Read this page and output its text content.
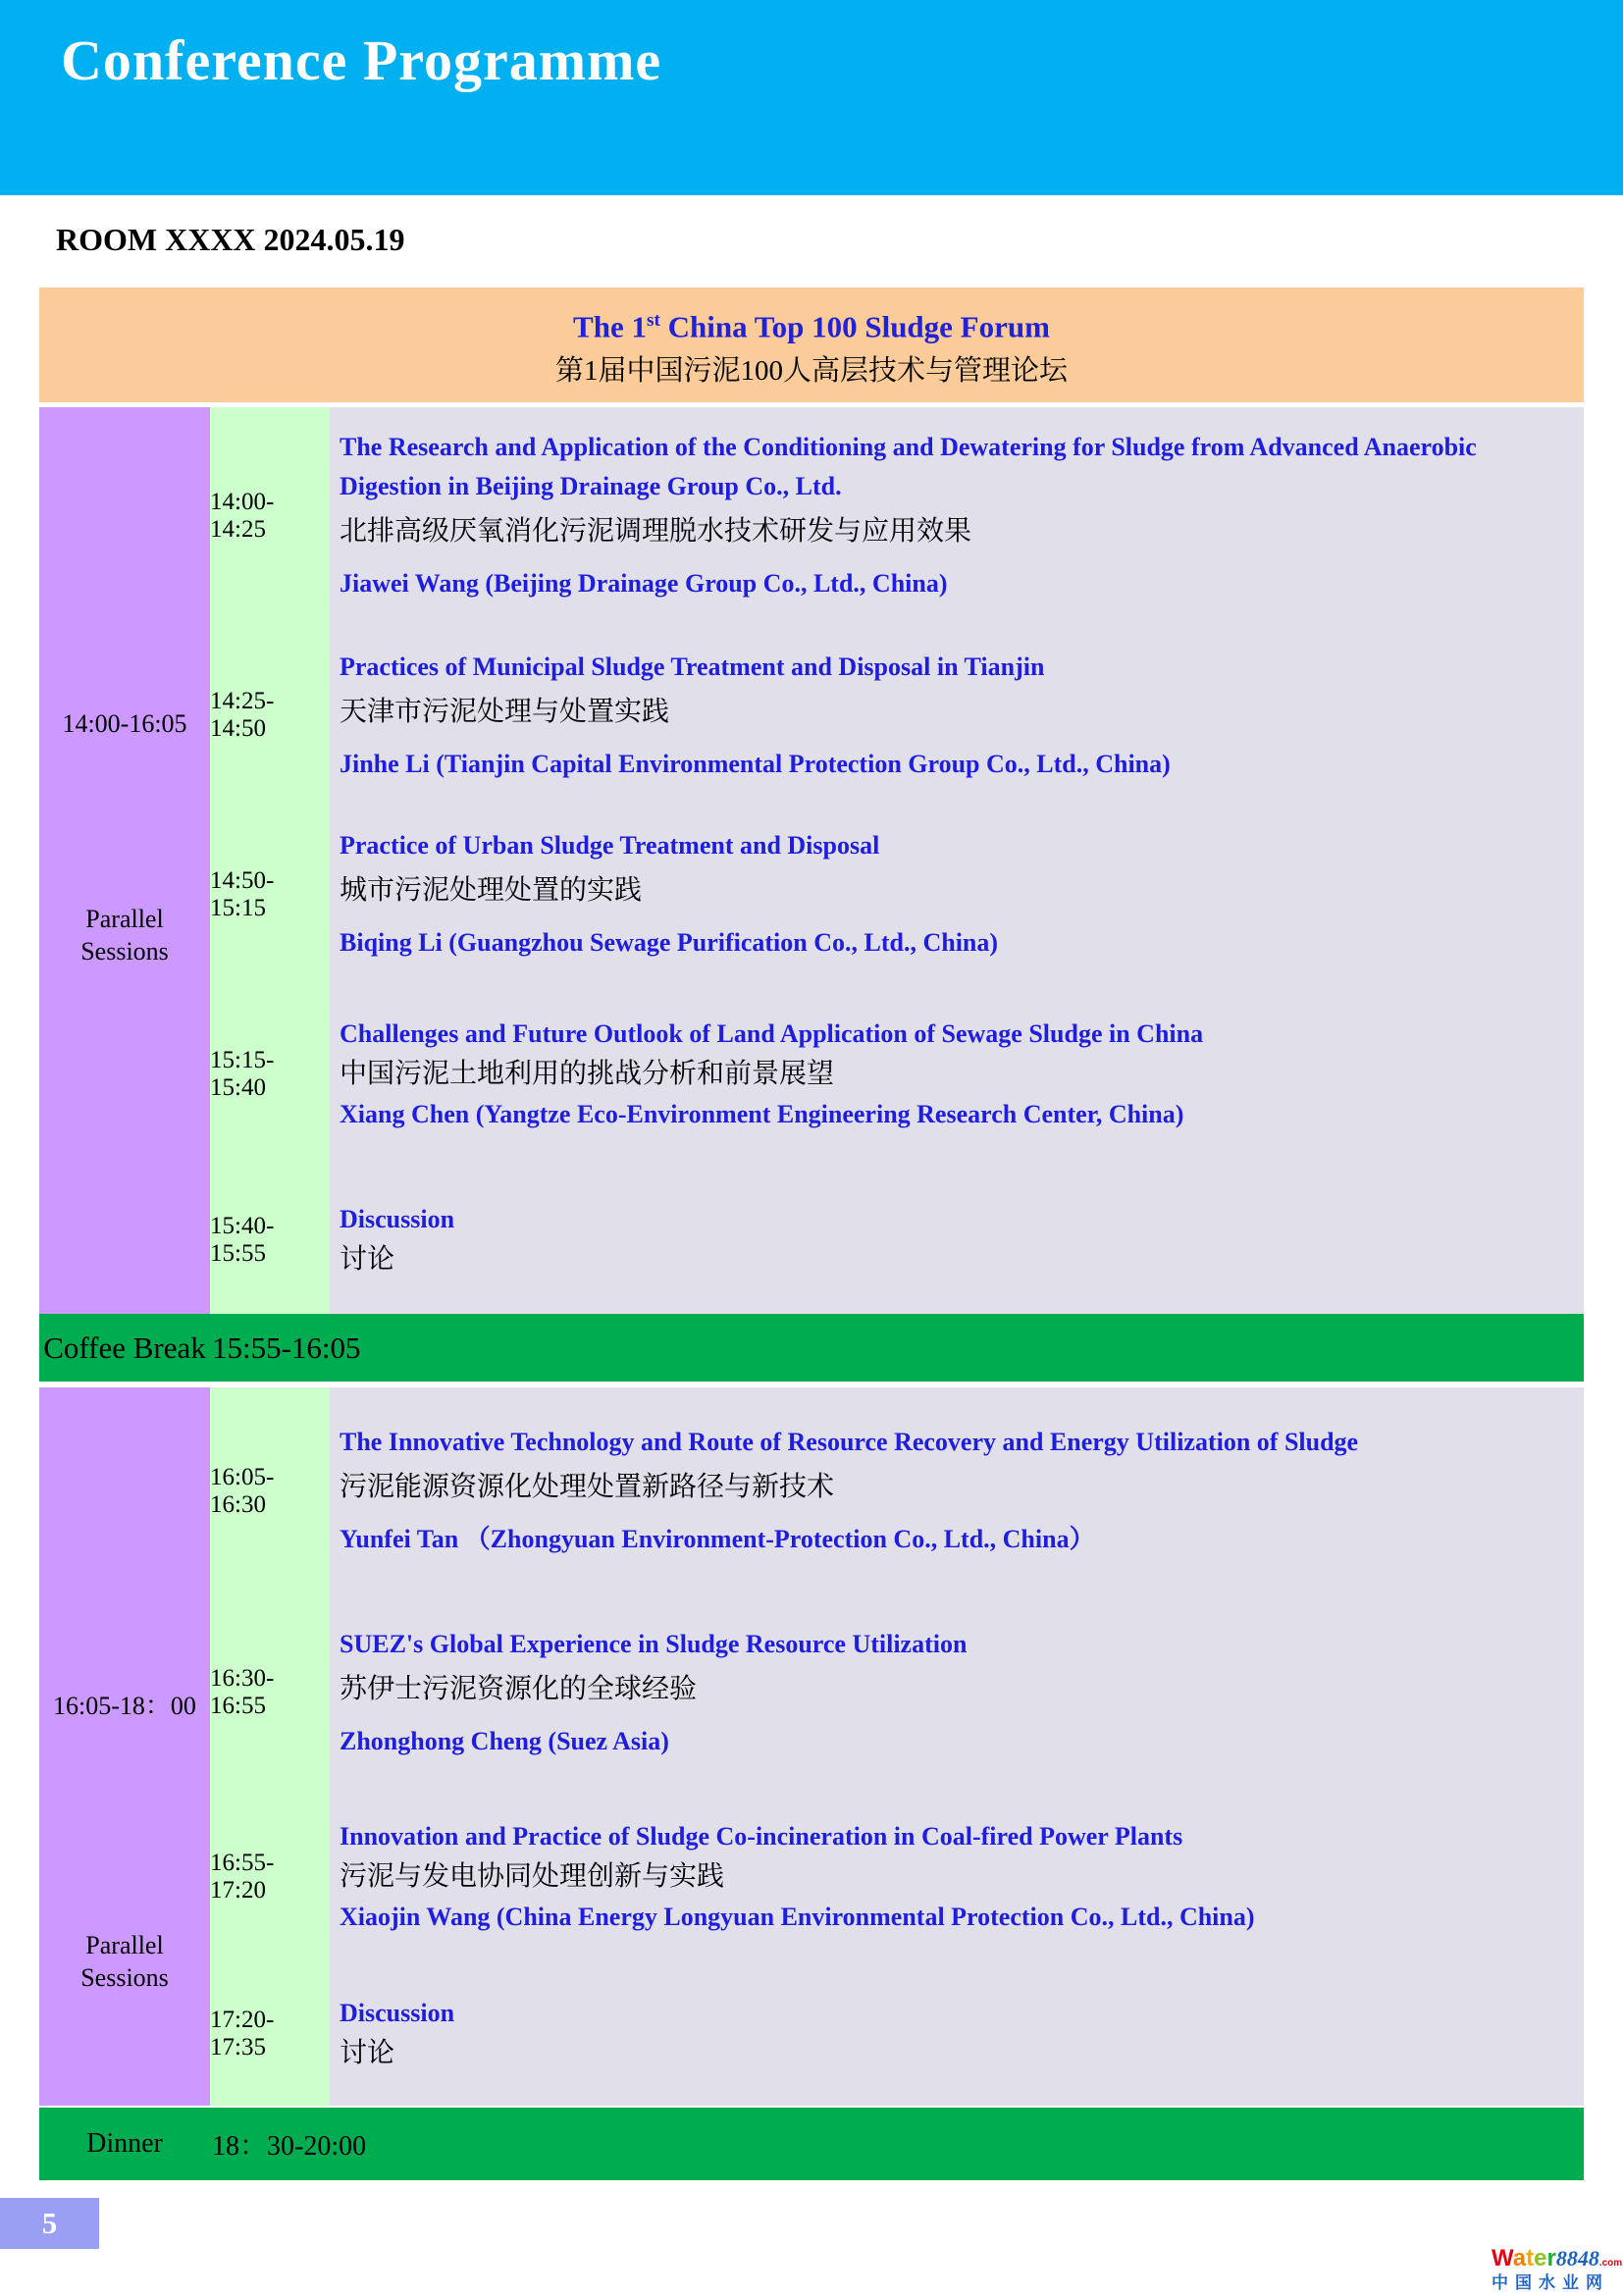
Conference Programme
ROOM XXXX 2024.05.19
The 1st China Top 100 Sludge Forum
第1届中国污泥100人高层技术与管理论坛
14:00-16:05
Parallel
Sessions
14:00-14:25
The Research and Application of the Conditioning and Dewatering for Sludge from Advanced Anaerobic Digestion in Beijing Drainage Group Co., Ltd.
北排高级厌氧消化污泥调理脱水技术研发与应用效果
Jiawei Wang (Beijing Drainage Group Co., Ltd., China)
14:25-14:50
Practices of Municipal Sludge Treatment and Disposal in Tianjin
天津市污泥处理与处置实践
Jinhe Li (Tianjin Capital Environmental Protection Group Co., Ltd., China)
14:50-15:15
Practice of Urban Sludge Treatment and Disposal
城市污泥处理处置的实践
Biqing Li (Guangzhou Sewage Purification Co., Ltd., China)
15:15-15:40
Challenges and Future Outlook of Land Application of Sewage Sludge in China
中国污泥土地利用的挑战分析和前景展望
Xiang Chen (Yangtze Eco-Environment Engineering Research Center, China)
15:40-15:55
Discussion
讨论
Coffee Break 15:55-16:05
16:05-18：00
Parallel
Sessions
16:05-16:30
The Innovative Technology and Route of Resource Recovery and Energy Utilization of Sludge
污泥能源资源化处理处置新路径与新技术
Yunfei Tan （Zhongyuan Environment-Protection Co., Ltd., China）
16:30-16:55
SUEZ's Global Experience in Sludge Resource Utilization
苏伊士污泥资源化的全球经验
Zhonghong Cheng (Suez Asia)
16:55-17:20
Innovation and Practice of Sludge Co-incineration in Coal-fired Power Plants
污泥与发电协同处理创新与实践
Xiaojin Wang (China Energy Longyuan Environmental Protection Co., Ltd., China)
17:20-17:35
Discussion
讨论
Dinner	18：30-20:00
5
Water8848.com
中国水业网
